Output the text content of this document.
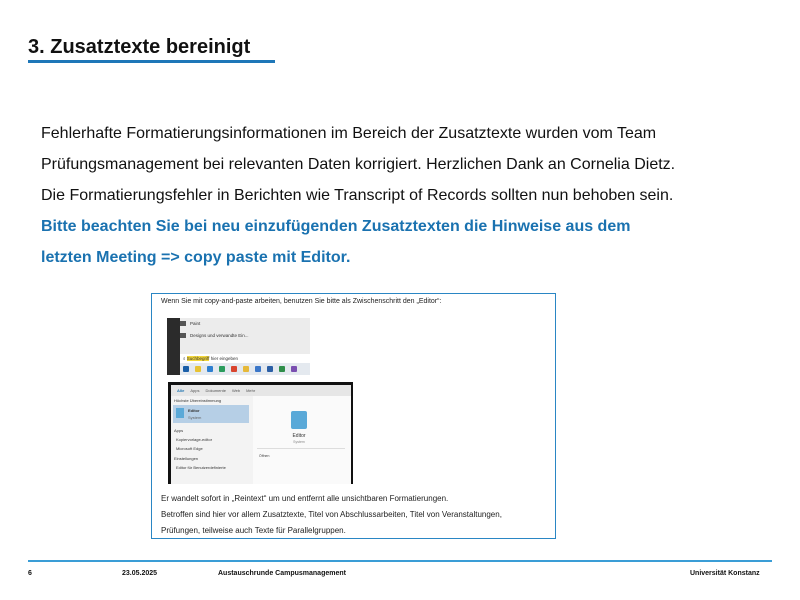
3. Zusatztexte bereinigt

Fehlerhafte Formatierungsinformationen im Bereich der Zusatztexte wurden vom Team

Prüfungsmanagement bei relevanten Daten korrigiert. Herzlichen Dank an Cornelia Dietz.

Die Formatierungsfehler in Berichten wie Transcript of Records sollten nun behoben sein.

Bitte beachten Sie bei neu einzufügenden Zusatztexten die Hinweise aus dem

letzten Meeting => copy paste mit Editor.

Wenn Sie mit copy-and-paste arbeiten, benutzen Sie bitte als Zwischenschritt den „Editor“:
Paint
Designs und verwandte Ein...
⌕ Suchbegriff hier eingeben
Alle Apps Dokumente Web Mehr
Höchste Übereinstimmung
Editor
System
Apps
Kopiervorlage-editor
Microsoft Edge
Einstellungen
Editor für Benutzerdefinierte
Editor
System
Öffnen

Er wandelt sofort in „Reintext“ um und entfernt alle unsichtbaren Formatierungen.

Betroffen sind hier vor allem Zusatztexte, Titel von Abschlussarbeiten, Titel von Veranstaltungen,

Prüfungen, teilweise auch Texte für Parallelgruppen.

6	23.05.2025	Austauschrunde Campusmanagement	Universität Konstanz
